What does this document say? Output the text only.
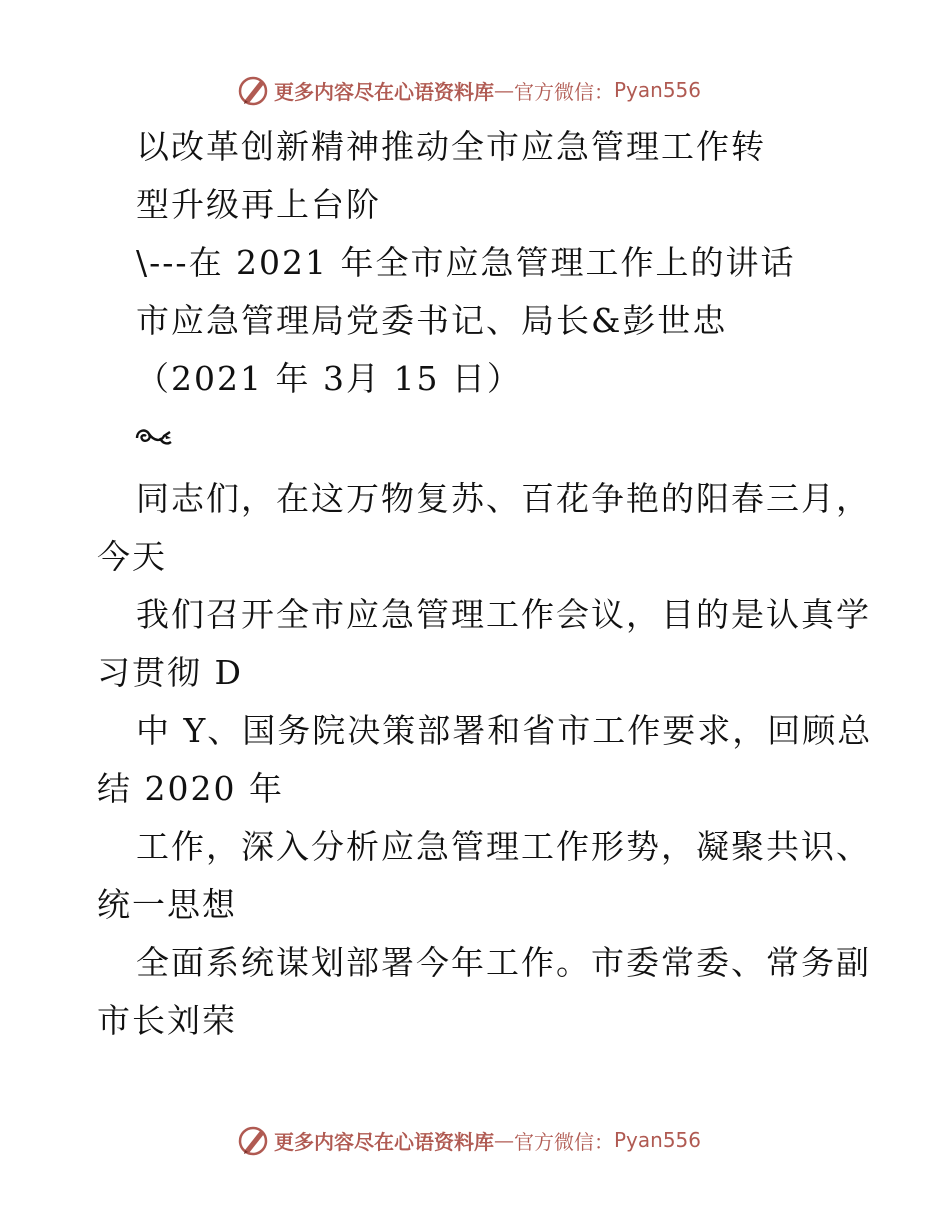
更多内容尽在心语资料库 — 官方微信： Pyan556
以改革创新精神推动全市应急管理工作转
型升级再上台阶
\---在 2021 年全市应急管理工作上的讲话
市应急管理局党委书记、局长&彭世忠
（2021 年 3月 15 日）
同志们，在这万物复苏、百花争艳的阳春三月，
今天
我们召开全市应急管理工作会议，目的是认真学
习贯彻 D
中 Y、国务院决策部署和省市工作要求，回顾总
结 2020 年
工作，深入分析应急管理工作形势，凝聚共识、
统一思想
全面系统谋划部署今年工作。市委常委、常务副
市长刘荣
更多内容尽在心语资料库 — 官方微信： Pyan556
